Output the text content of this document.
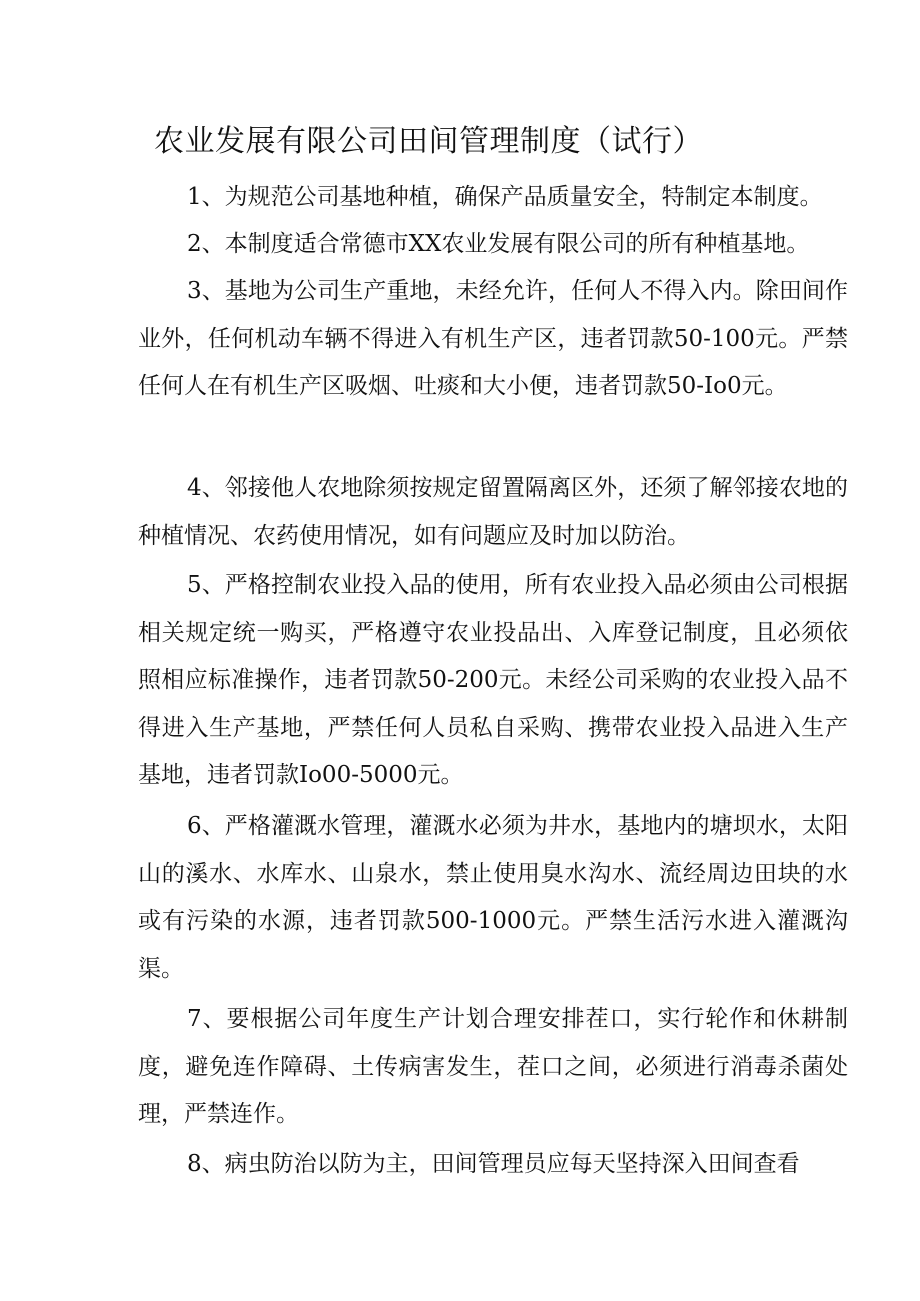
农业发展有限公司田间管理制度（试行）

1、为规范公司基地种植，确保产品质量安全，特制定本制度。

2、本制度适合常德市XX农业发展有限公司的所有种植基地。

3、基地为公司生产重地，未经允许，任何人不得入内。除田间作业外，任何机动车辆不得进入有机生产区，违者罚款50-100元。严禁任何人在有机生产区吸烟、吐痰和大小便，违者罚款50-Io0元。

4、邻接他人农地除须按规定留置隔离区外，还须了解邻接农地的种植情况、农药使用情况，如有问题应及时加以防治。

5、严格控制农业投入品的使用，所有农业投入品必须由公司根据相关规定统一购买，严格遵守农业投品出、入库登记制度，且必须依照相应标准操作，违者罚款50-200元。未经公司采购的农业投入品不得进入生产基地，严禁任何人员私自采购、携带农业投入品进入生产基地，违者罚款Io00-5000元。

6、严格灌溉水管理，灌溉水必须为井水，基地内的塘坝水，太阳山的溪水、水库水、山泉水，禁止使用臭水沟水、流经周边田块的水或有污染的水源，违者罚款500-1000元。严禁生活污水进入灌溉沟渠。

7、要根据公司年度生产计划合理安排茬口，实行轮作和休耕制度，避免连作障碍、土传病害发生，茬口之间，必须进行消毒杀菌处理，严禁连作。

8、病虫防治以防为主，田间管理员应每天坚持深入田间查看
